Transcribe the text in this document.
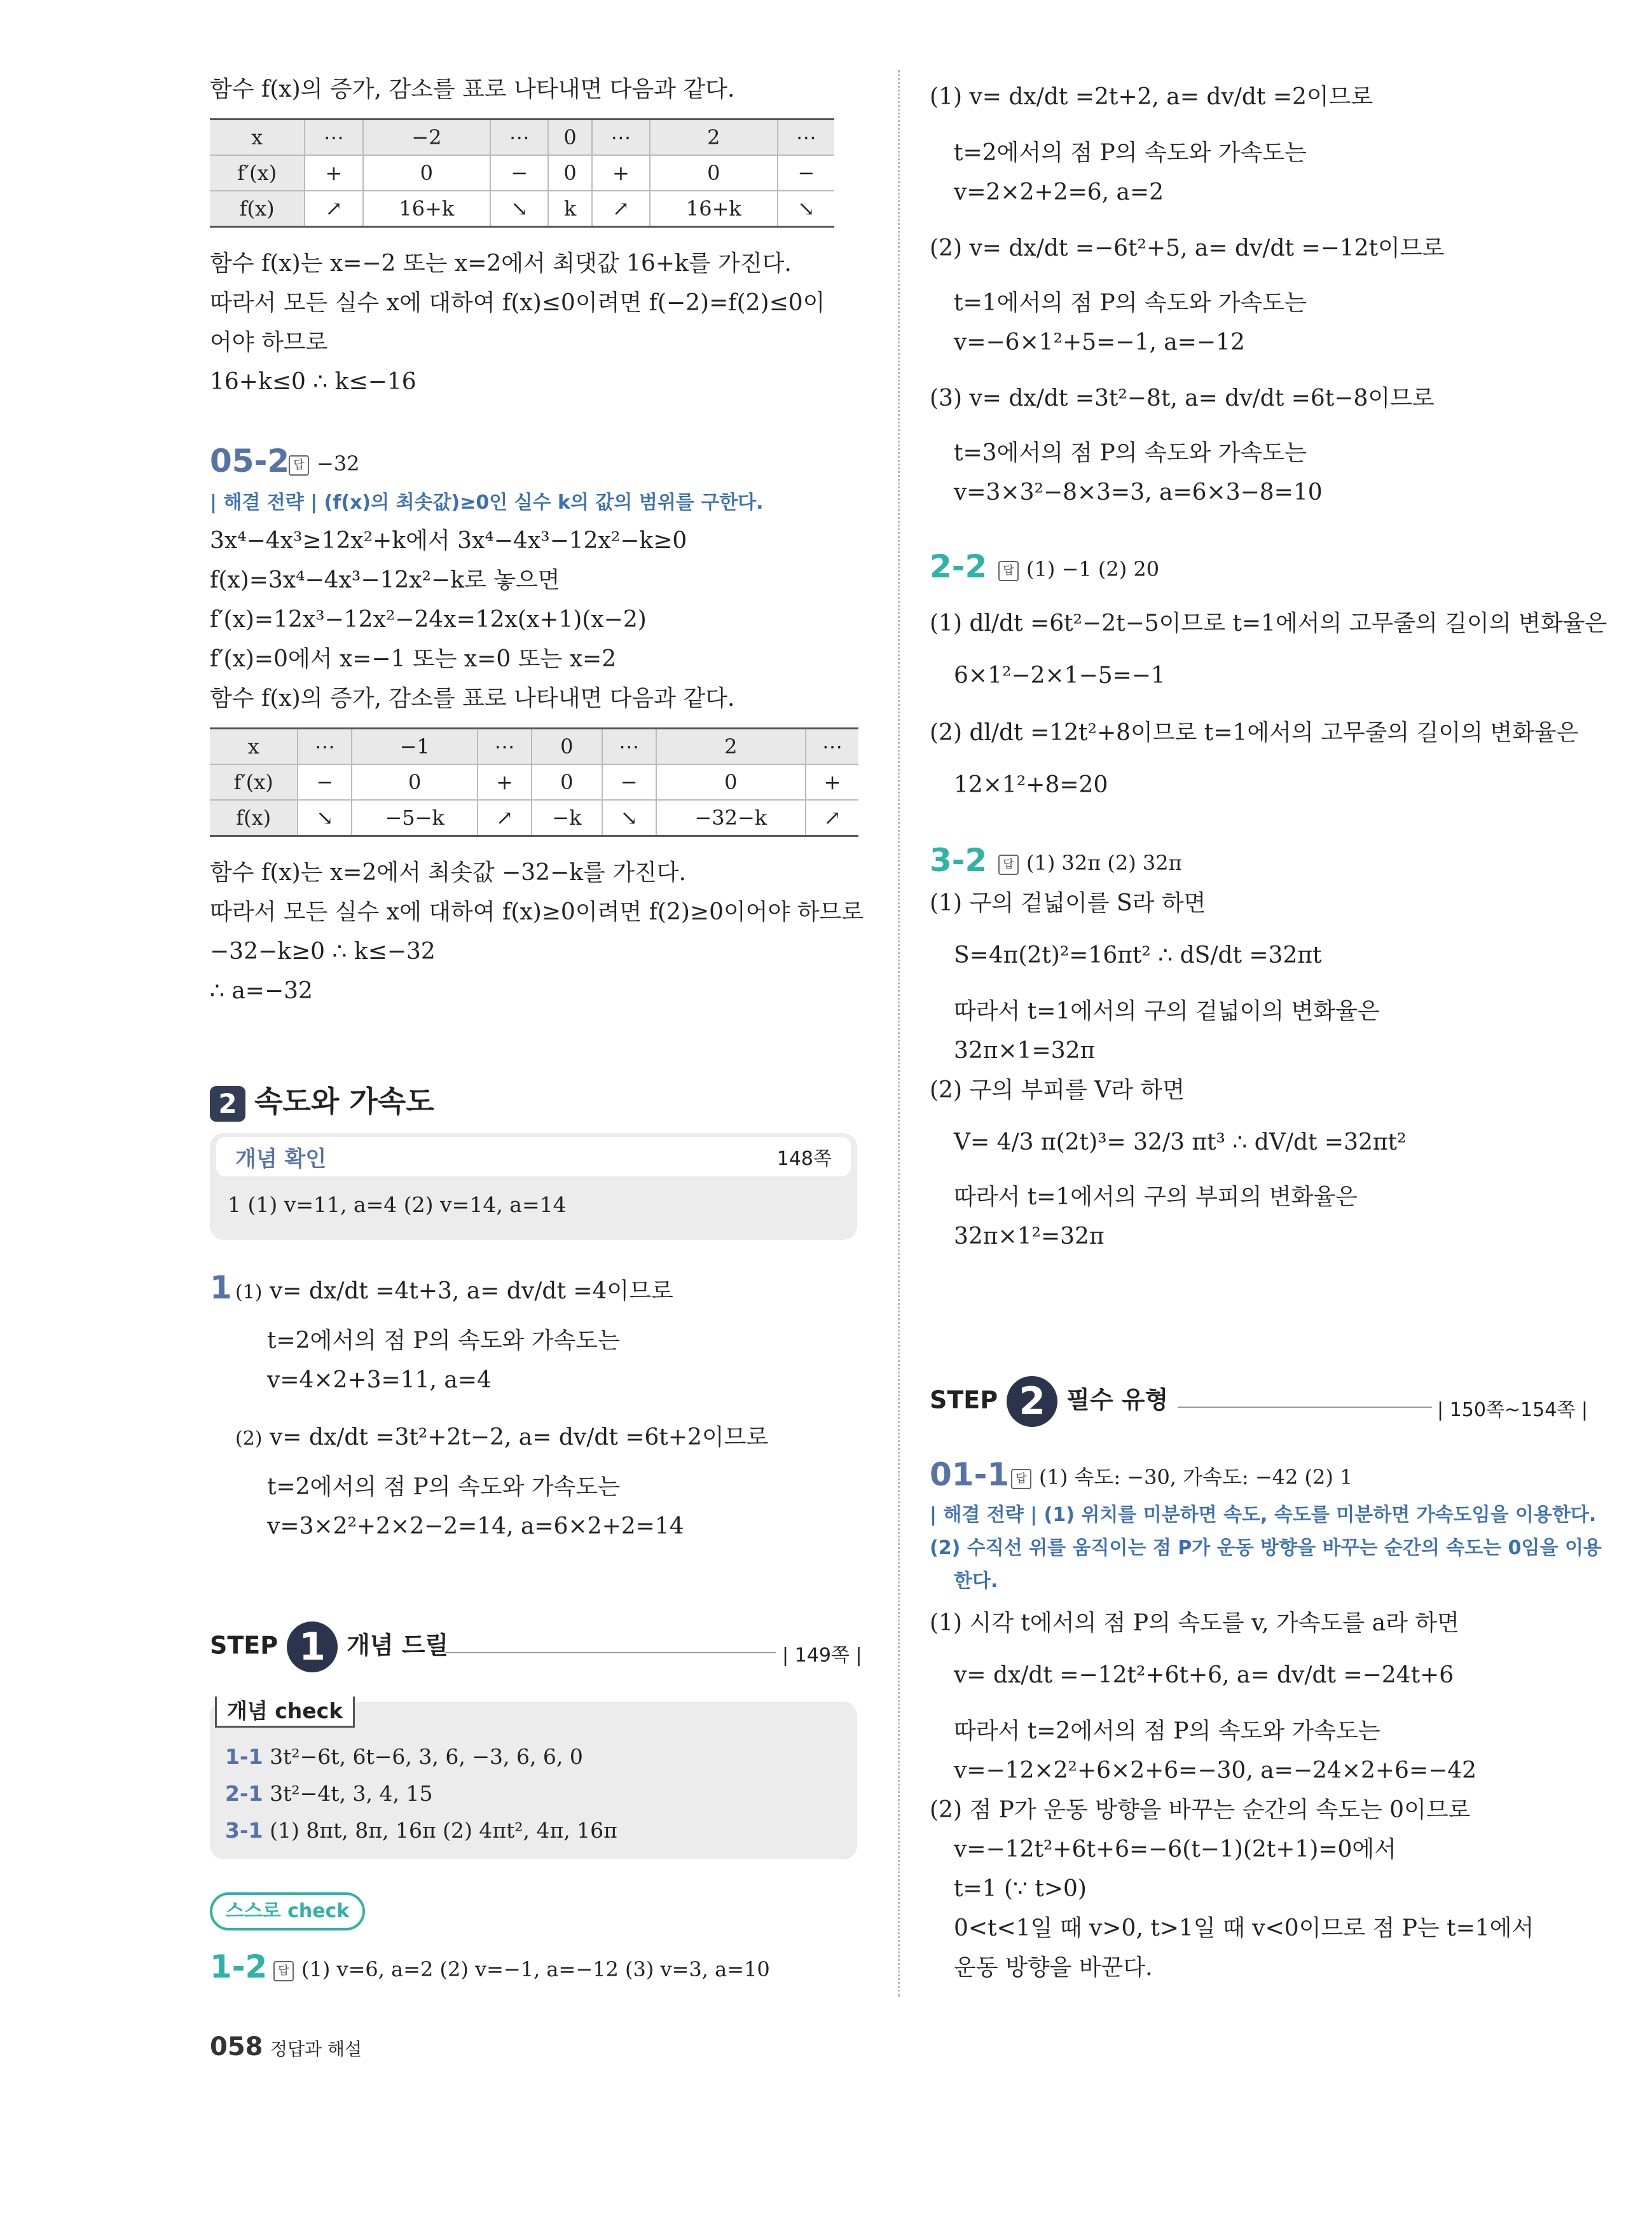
함수 f(x)의 증가, 감소를 표로 나타내면 다음과 같다.
x	⋯	−2	⋯	0	⋯	2	⋯
f′(x)	+	0	−	0	+	0	−
f(x)	↗	16+k	↘	k	↗	16+k	↘
함수 f(x)는 x=−2 또는 x=2에서 최댓값 16+k를 가진다.
따라서 모든 실수 x에 대하여 f(x)≤0이려면 f(−2)=f(2)≤0이
어야 하므로
16+k≤0 ∴ k≤−16
05-2 답 −32
| 해결 전략 | (f(x)의 최솟값)≥0인 실수 k의 값의 범위를 구한다.
3x⁴−4x³≥12x²+k에서 3x⁴−4x³−12x²−k≥0
f(x)=3x⁴−4x³−12x²−k로 놓으면
f′(x)=12x³−12x²−24x=12x(x+1)(x−2)
f′(x)=0에서 x=−1 또는 x=0 또는 x=2
함수 f(x)의 증가, 감소를 표로 나타내면 다음과 같다.
x	⋯	−1	⋯	0	⋯	2	⋯
f′(x)	−	0	+	0	−	0	+
f(x)	↘	−5−k	↗	−k	↘	−32−k	↗
함수 f(x)는 x=2에서 최솟값 −32−k를 가진다.
따라서 모든 실수 x에 대하여 f(x)≥0이려면 f(2)≥0이어야 하므로
−32−k≥0 ∴ k≤−32
∴ a=−32
2 속도와 가속도
개념 확인	148쪽
1 (1) v=11, a=4 (2) v=14, a=14
1 (1) v= dx/dt =4t+3, a= dv/dt =4이므로
t=2에서의 점 P의 속도와 가속도는
v=4×2+3=11, a=4
(2) v= dx/dt =3t²+2t−2, a= dv/dt =6t+2이므로
t=2에서의 점 P의 속도와 가속도는
v=3×2²+2×2−2=14, a=6×2+2=14
STEP 1 개념 드릴	| 149쪽 |
개념 check
1-1 3t²−6t, 6t−6, 3, 6, −3, 6, 6, 0
2-1 3t²−4t, 3, 4, 15
3-1 (1) 8πt, 8π, 16π (2) 4πt², 4π, 16π
스스로 check
1-2 답 (1) v=6, a=2 (2) v=−1, a=−12 (3) v=3, a=10
058 정답과 해설
(1) v= dx/dt =2t+2, a= dv/dt =2이므로
t=2에서의 점 P의 속도와 가속도는
v=2×2+2=6, a=2
(2) v= dx/dt =−6t²+5, a= dv/dt =−12t이므로
t=1에서의 점 P의 속도와 가속도는
v=−6×1²+5=−1, a=−12
(3) v= dx/dt =3t²−8t, a= dv/dt =6t−8이므로
t=3에서의 점 P의 속도와 가속도는
v=3×3²−8×3=3, a=6×3−8=10
2-2	답 (1) −1 (2) 20
(1) dl/dt =6t²−2t−5이므로 t=1에서의 고무줄의 길이의 변화율은
6×1²−2×1−5=−1
(2) dl/dt =12t²+8이므로 t=1에서의 고무줄의 길이의 변화율은
12×1²+8=20
3-2	답 (1) 32π (2) 32π
(1) 구의 겉넓이를 S라 하면
S=4π(2t)²=16πt² ∴ dS/dt =32πt
따라서 t=1에서의 구의 겉넓이의 변화율은
32π×1=32π
(2) 구의 부피를 V라 하면
V= 4/3 π(2t)³= 32/3 πt³ ∴ dV/dt =32πt²
따라서 t=1에서의 구의 부피의 변화율은
32π×1²=32π
STEP 2 필수 유형	| 150쪽~154쪽 |
01-1 답 (1) 속도: −30, 가속도: −42 (2) 1
| 해결 전략 | (1) 위치를 미분하면 속도, 속도를 미분하면 가속도임을 이용한다.
(2) 수직선 위를 움직이는 점 P가 운동 방향을 바꾸는 순간의 속도는 0임을 이용
한다.
(1) 시각 t에서의 점 P의 속도를 v, 가속도를 a라 하면
v= dx/dt =−12t²+6t+6, a= dv/dt =−24t+6
따라서 t=2에서의 점 P의 속도와 가속도는
v=−12×2²+6×2+6=−30, a=−24×2+6=−42
(2) 점 P가 운동 방향을 바꾸는 순간의 속도는 0이므로
v=−12t²+6t+6=−6(t−1)(2t+1)=0에서
t=1 (∵ t>0)
0<t<1일 때 v>0, t>1일 때 v<0이므로 점 P는 t=1에서
운동 방향을 바꾼다.
